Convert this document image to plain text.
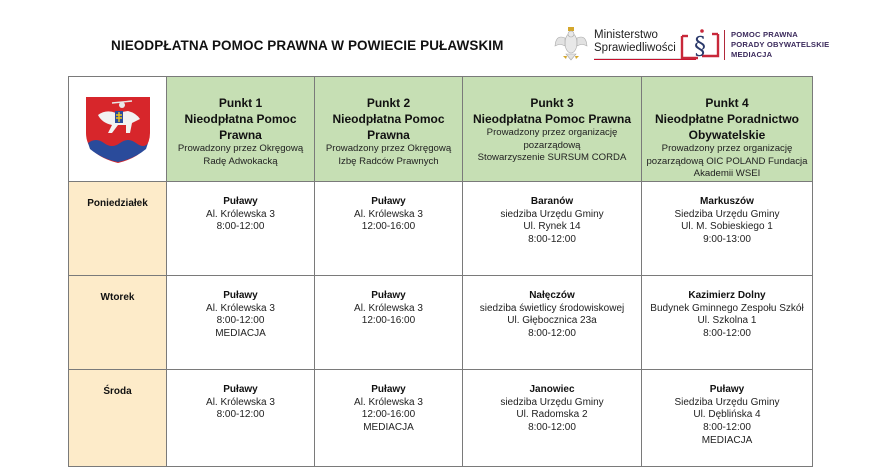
NIEODPŁATNA POMOC PRAWNA W POWIECIE PUŁAWSKIM
Ministerstwo
Sprawiedliwości §	POMOC PRAWNA
PORADY OBYWATELSKIE
MEDIACJA

Punkt 1
Nieodpłatna Pomoc Prawna
Prowadzony przez Okręgową
Radę Adwokacką

Punkt 2
Nieodpłatna Pomoc Prawna
Prowadzony przez Okręgową
Izbę Radców Prawnych

Punkt 3
Nieodpłatna Pomoc Prawna
Prowadzony przez organizację
pozarządową
Stowarzyszenie SURSUM CORDA

Punkt 4
Nieodpłatne Poradnictwo Obywatelskie
Prowadzony przez organizację
pozarządową OIC POLAND Fundacja
Akademii WSEI

Poniedziałek	Puławy
Al. Królewska 3
8:00-12:00

Puławy
Al. Królewska 3
12:00-16:00

Baranów
siedziba Urzędu Gminy
Ul. Rynek 14
8:00-12:00

Markuszów
Siedziba Urzędu Gminy
Ul. M. Sobieskiego 1
9:00-13:00

Wtorek	Puławy
Al. Królewska 3
8:00-12:00
MEDIACJA

Puławy
Al. Królewska 3
12:00-16:00

Nałęczów
siedziba świetlicy środowiskowej
Ul. Głębocznica 23a
8:00-12:00

Kazimierz Dolny
Budynek Gminnego Zespołu Szkół
Ul. Szkolna 1
8:00-12:00

Środa	Puławy
Al. Królewska 3
8:00-12:00

Puławy
Al. Królewska 3
12:00-16:00
MEDIACJA

Janowiec
siedziba Urzędu Gminy
Ul. Radomska 2
8:00-12:00

Puławy
Siedziba Urzędu Gminy
Ul. Dęblińska 4
8:00-12:00
MEDIACJA
